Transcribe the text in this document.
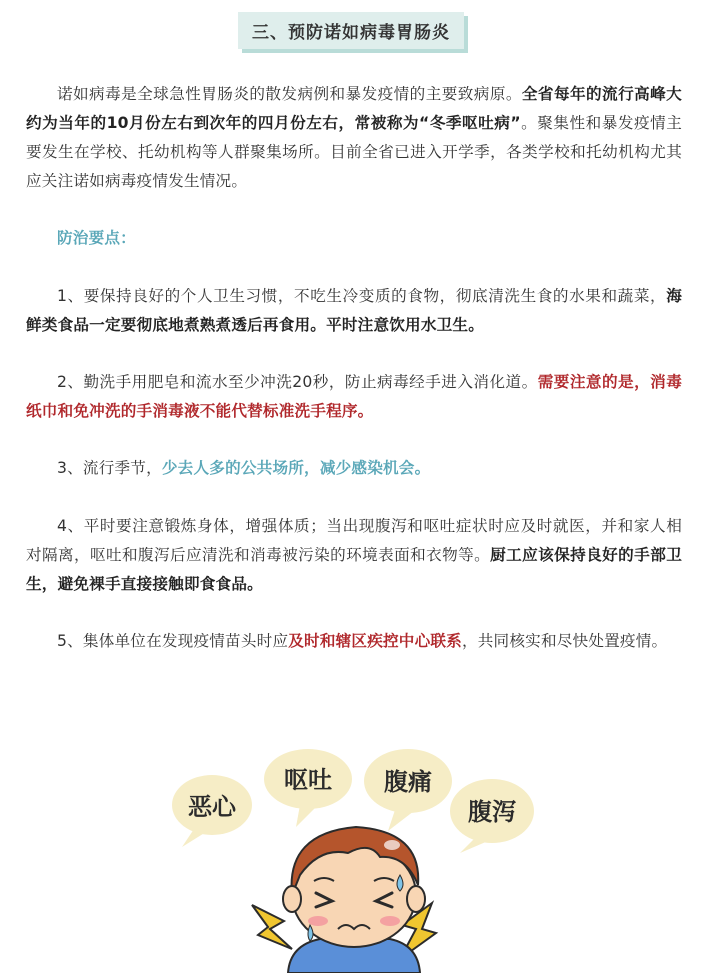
三、预防诺如病毒胃肠炎

诺如病毒是全球急性胃肠炎的散发病例和暴发疫情的主要致病原。全省每年的流行高峰大约为当年的10月份左右到次年的四月份左右，常被称为“冬季呕吐病”。聚集性和暴发疫情主要发生在学校、托幼机构等人群聚集场所。目前全省已进入开学季，各类学校和托幼机构尤其应关注诺如病毒疫情发生情况。

防治要点：

1、要保持良好的个人卫生习惯，不吃生冷变质的食物，彻底清洗生食的水果和蔬菜，海鲜类食品一定要彻底地煮熟煮透后再食用。平时注意饮用水卫生。

2、勤洗手用肥皂和流水至少冲洗20秒，防止病毒经手进入消化道。需要注意的是，消毒纸巾和免冲洗的手消毒液不能代替标准洗手程序。

3、流行季节，少去人多的公共场所，减少感染机会。

4、平时要注意锻炼身体，增强体质；当出现腹泻和呕吐症状时应及时就医，并和家人相对隔离，呕吐和腹泻后应清洗和消毒被污染的环境表面和衣物等。厨工应该保持良好的手部卫生，避免裸手直接接触即食食品。

5、集体单位在发现疫情苗头时应及时和辖区疾控中心联系，共同核实和尽快处置疫情。

恶心
呕吐 腹痛
腹泻
